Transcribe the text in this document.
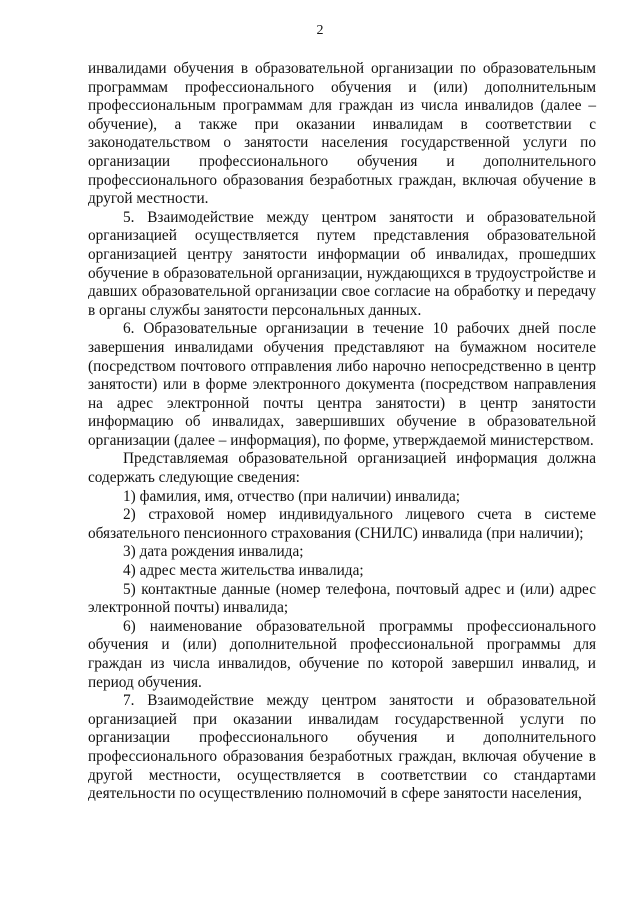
2

инвалидами обучения в образовательной организации по образовательным программам профессионального обучения и (или) дополнительным профессиональным программам для граждан из числа инвалидов (далее – обучение), а также при оказании инвалидам в соответствии с законодательством о занятости населения государственной услуги по организации профессионального обучения и дополнительного профессионального образования безработных граждан, включая обучение в другой местности.

5. Взаимодействие между центром занятости и образовательной организацией осуществляется путем представления образовательной организацией центру занятости информации об инвалидах, прошедших обучение в образовательной организации, нуждающихся в трудоустройстве и давших образовательной организации свое согласие на обработку и передачу в органы службы занятости персональных данных.

6. Образовательные организации в течение 10 рабочих дней после завершения инвалидами обучения представляют на бумажном носителе (посредством почтового отправления либо нарочно непосредственно в центр занятости) или в форме электронного документа (посредством направления на адрес электронной почты центра занятости) в центр занятости информацию об инвалидах, завершивших обучение в образовательной организации (далее – информация), по форме, утверждаемой министерством.

Представляемая образовательной организацией информация должна содержать следующие сведения:

1) фамилия, имя, отчество (при наличии) инвалида;

2) страховой номер индивидуального лицевого счета в системе обязательного пенсионного страхования (СНИЛС) инвалида (при наличии);

3) дата рождения инвалида;

4) адрес места жительства инвалида;

5) контактные данные (номер телефона, почтовый адрес и (или) адрес электронной почты) инвалида;

6) наименование образовательной программы профессионального обучения и (или) дополнительной профессиональной программы для граждан из числа инвалидов, обучение по которой завершил инвалид, и период обучения.

7. Взаимодействие между центром занятости и образовательной организацией при оказании инвалидам государственной услуги по организации профессионального обучения и дополнительного профессионального образования безработных граждан, включая обучение в другой местности, осуществляется в соответствии со стандартами деятельности по осуществлению полномочий в сфере занятости населения,
